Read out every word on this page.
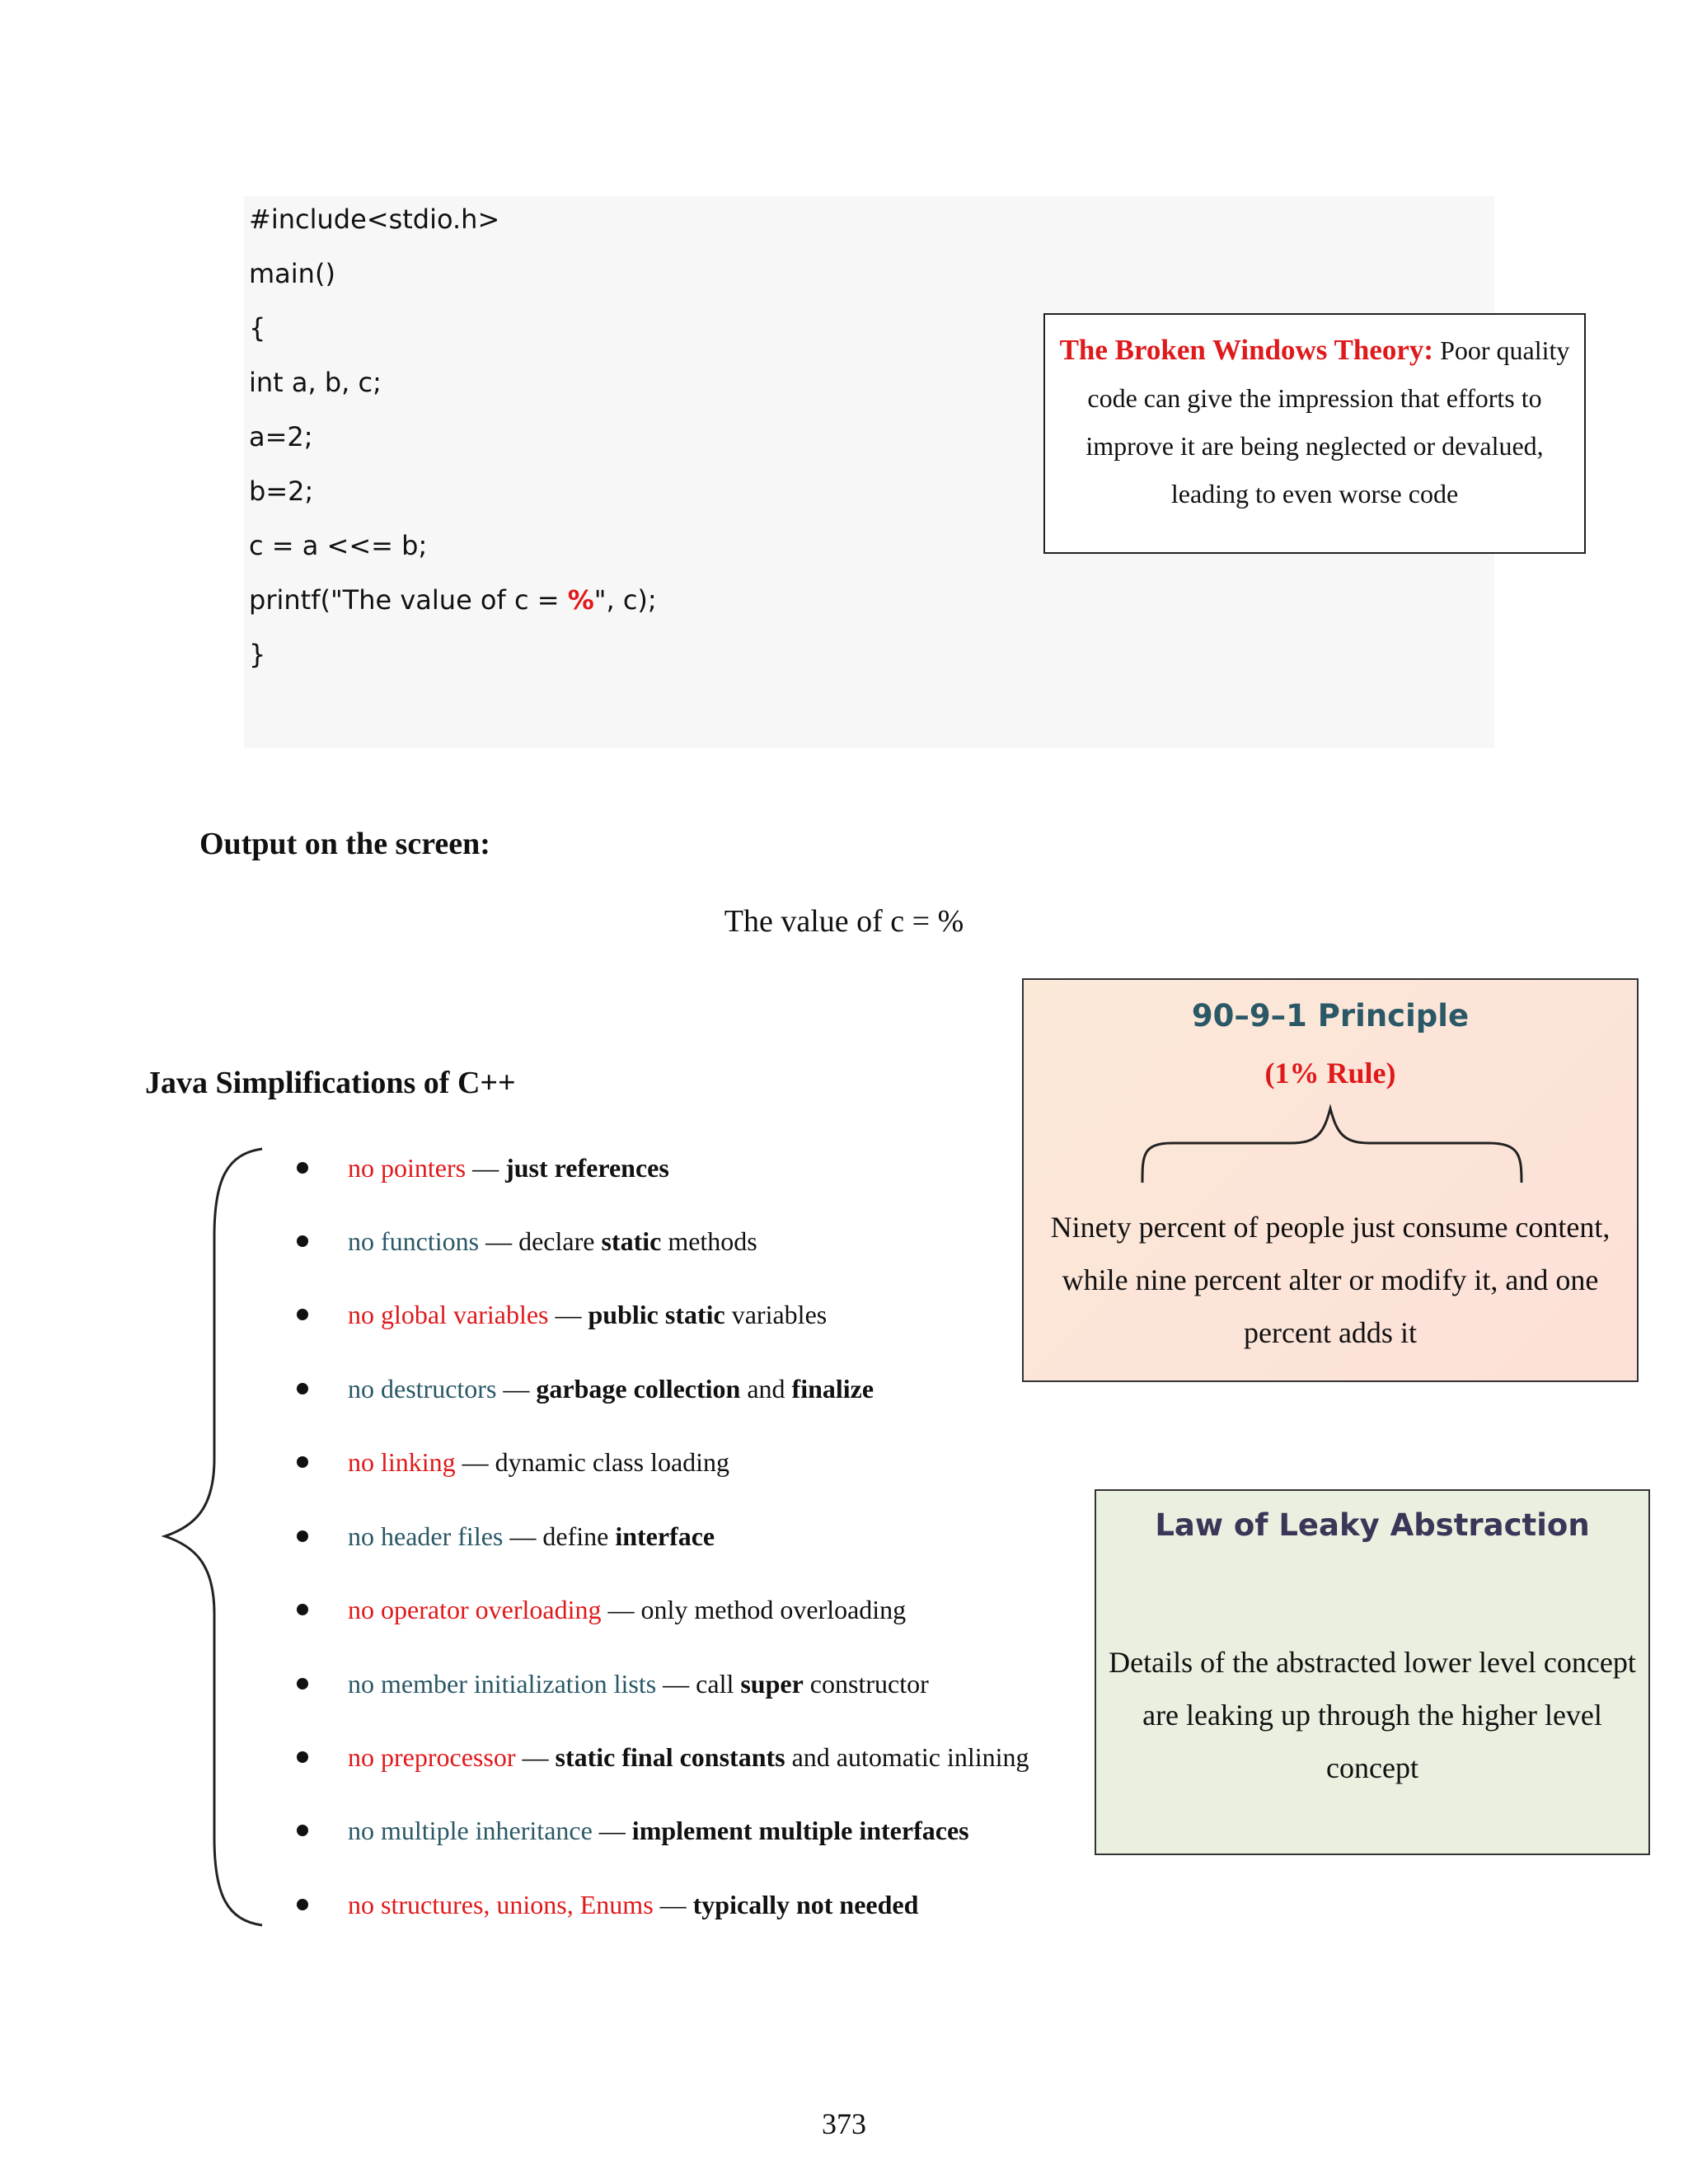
#include<stdio.h>
main()
{
int a, b, c;
a=2;
b=2;
c = a <<= b;
printf("The value of c = %", c);
}
The Broken Windows Theory: Poor quality code can give the impression that efforts to improve it are being neglected or devalued, leading to even worse code
Output on the screen:
The value of c = %
90–9–1 Principle
(1% Rule)
Ninety percent of people just consume content, while nine percent alter or modify it, and one percent adds it
Java Simplifications of C++
no pointers — just references
no functions — declare static methods
no global variables — public static variables
no destructors — garbage collection and finalize
no linking — dynamic class loading
no header files — define interface
no operator overloading — only method overloading
no member initialization lists — call super constructor
no preprocessor — static final constants and automatic inlining
no multiple inheritance — implement multiple interfaces
no structures, unions, Enums — typically not needed
Law of Leaky Abstraction
Details of the abstracted lower level concept are leaking up through the higher level concept
373
